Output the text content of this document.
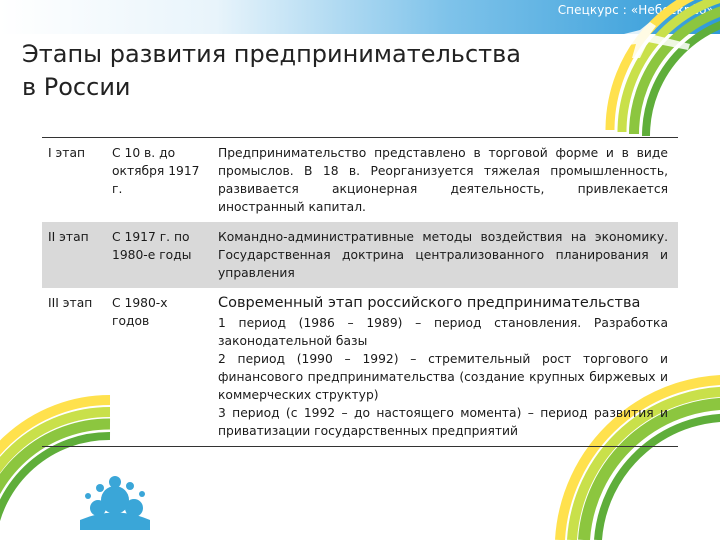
Спецкурс : «Небоскрёб»
Этапы развития предпринимательства в России
I этап	С 10 в. до октября 1917 г.	Предпринимательство представлено в торговой форме и в виде промыслов. В 18 в. Реорганизуется тяжелая промышленность, развивается акционерная деятельность, привлекается иностранный капитал.
II этап	С 1917 г. по 1980-е годы	Командно-административные методы воздействия на экономику. Государственная доктрина централизованного планирования и управления
III этап	С 1980-х годов	Современный этап российского предпринимательства
1 период (1986 – 1989) – период становления. Разработка законодательной базы
2 период (1990 – 1992) – стремительный рост торгового и финансового предпринимательства (создание крупных биржевых и коммерческих структур)
3 период (с 1992 – до настоящего момента) – период развития и приватизации государственных предприятий
